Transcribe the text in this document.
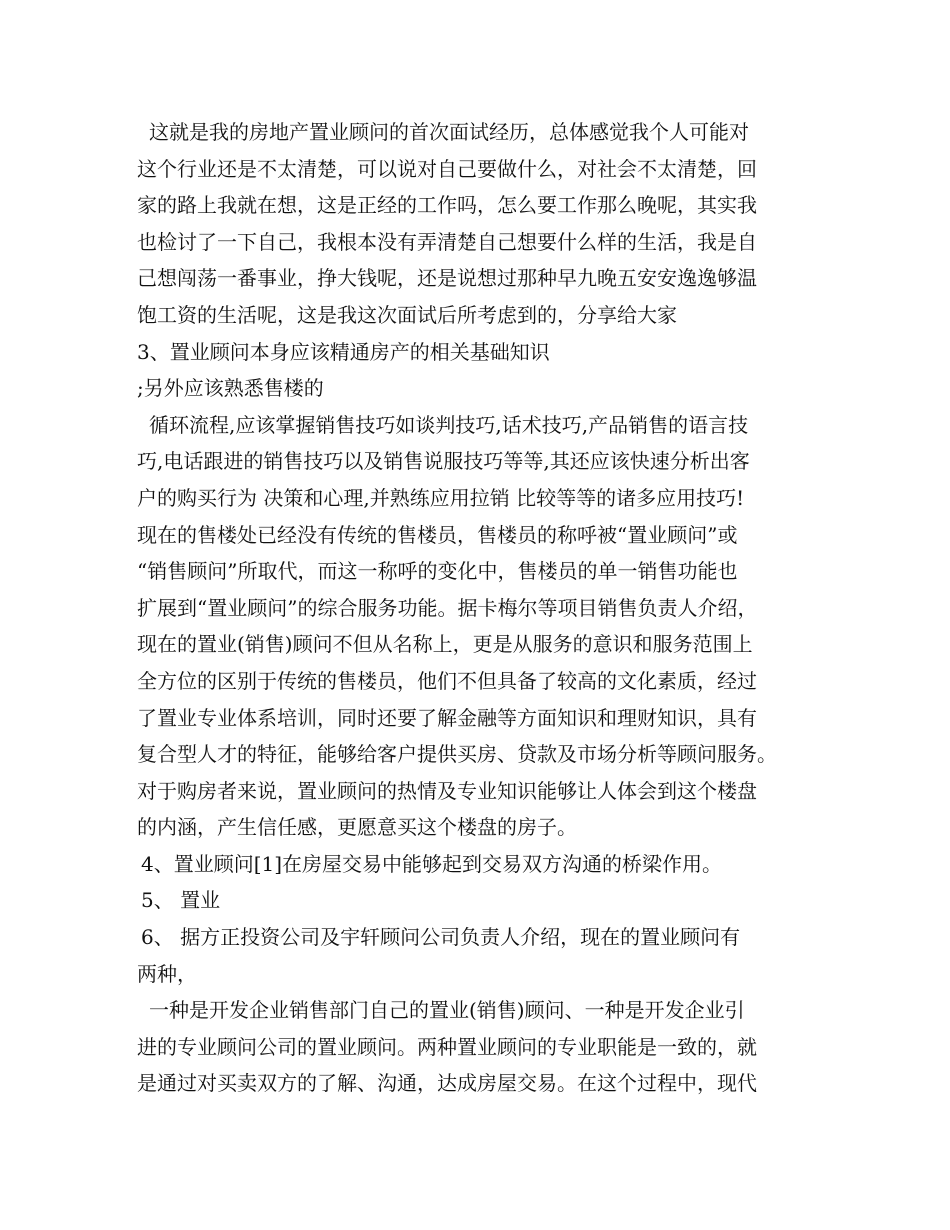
这就是我的房地产置业顾问的首次面试经历，总体感觉我个人可能对
这个行业还是不太清楚，可以说对自己要做什么，对社会不太清楚，回
家的路上我就在想，这是正经的工作吗，怎么要工作那么晚呢，其实我
也检讨了一下自己，我根本没有弄清楚自己想要什么样的生活，我是自
己想闯荡一番事业，挣大钱呢，还是说想过那种早九晚五安安逸逸够温
饱工资的生活呢，这是我这次面试后所考虑到的，分享给大家
3、置业顾问本身应该精通房产的相关基础知识
;另外应该熟悉售楼的
循环流程,应该掌握销售技巧如谈判技巧,话术技巧,产品销售的语言技
巧,电话跟进的销售技巧以及销售说服技巧等等,其还应该快速分析出客
户的购买行为 决策和心理,并熟练应用拉销 比较等等的诸多应用技巧!
现在的售楼处已经没有传统的售楼员，售楼员的称呼被“置业顾问”或
“销售顾问”所取代，而这一称呼的变化中，售楼员的单一销售功能也
扩展到“置业顾问”的综合服务功能。据卡梅尔等项目销售负责人介绍，
现在的置业(销售)顾问不但从名称上，更是从服务的意识和服务范围上
全方位的区别于传统的售楼员，他们不但具备了较高的文化素质，经过
了置业专业体系培训，同时还要了解金融等方面知识和理财知识，具有
复合型人才的特征，能够给客户提供买房、贷款及市场分析等顾问服务。
对于购房者来说，置业顾问的热情及专业知识能够让人体会到这个楼盘
的内涵，产生信任感，更愿意买这个楼盘的房子。
4、置业顾问[1]在房屋交易中能够起到交易双方沟通的桥梁作用。
5、 置业
6、 据方正投资公司及宇轩顾问公司负责人介绍，现在的置业顾问有
两种，
一种是开发企业销售部门自己的置业(销售)顾问、一种是开发企业引
进的专业顾问公司的置业顾问。两种置业顾问的专业职能是一致的，就
是通过对买卖双方的了解、沟通，达成房屋交易。在这个过程中，现代
